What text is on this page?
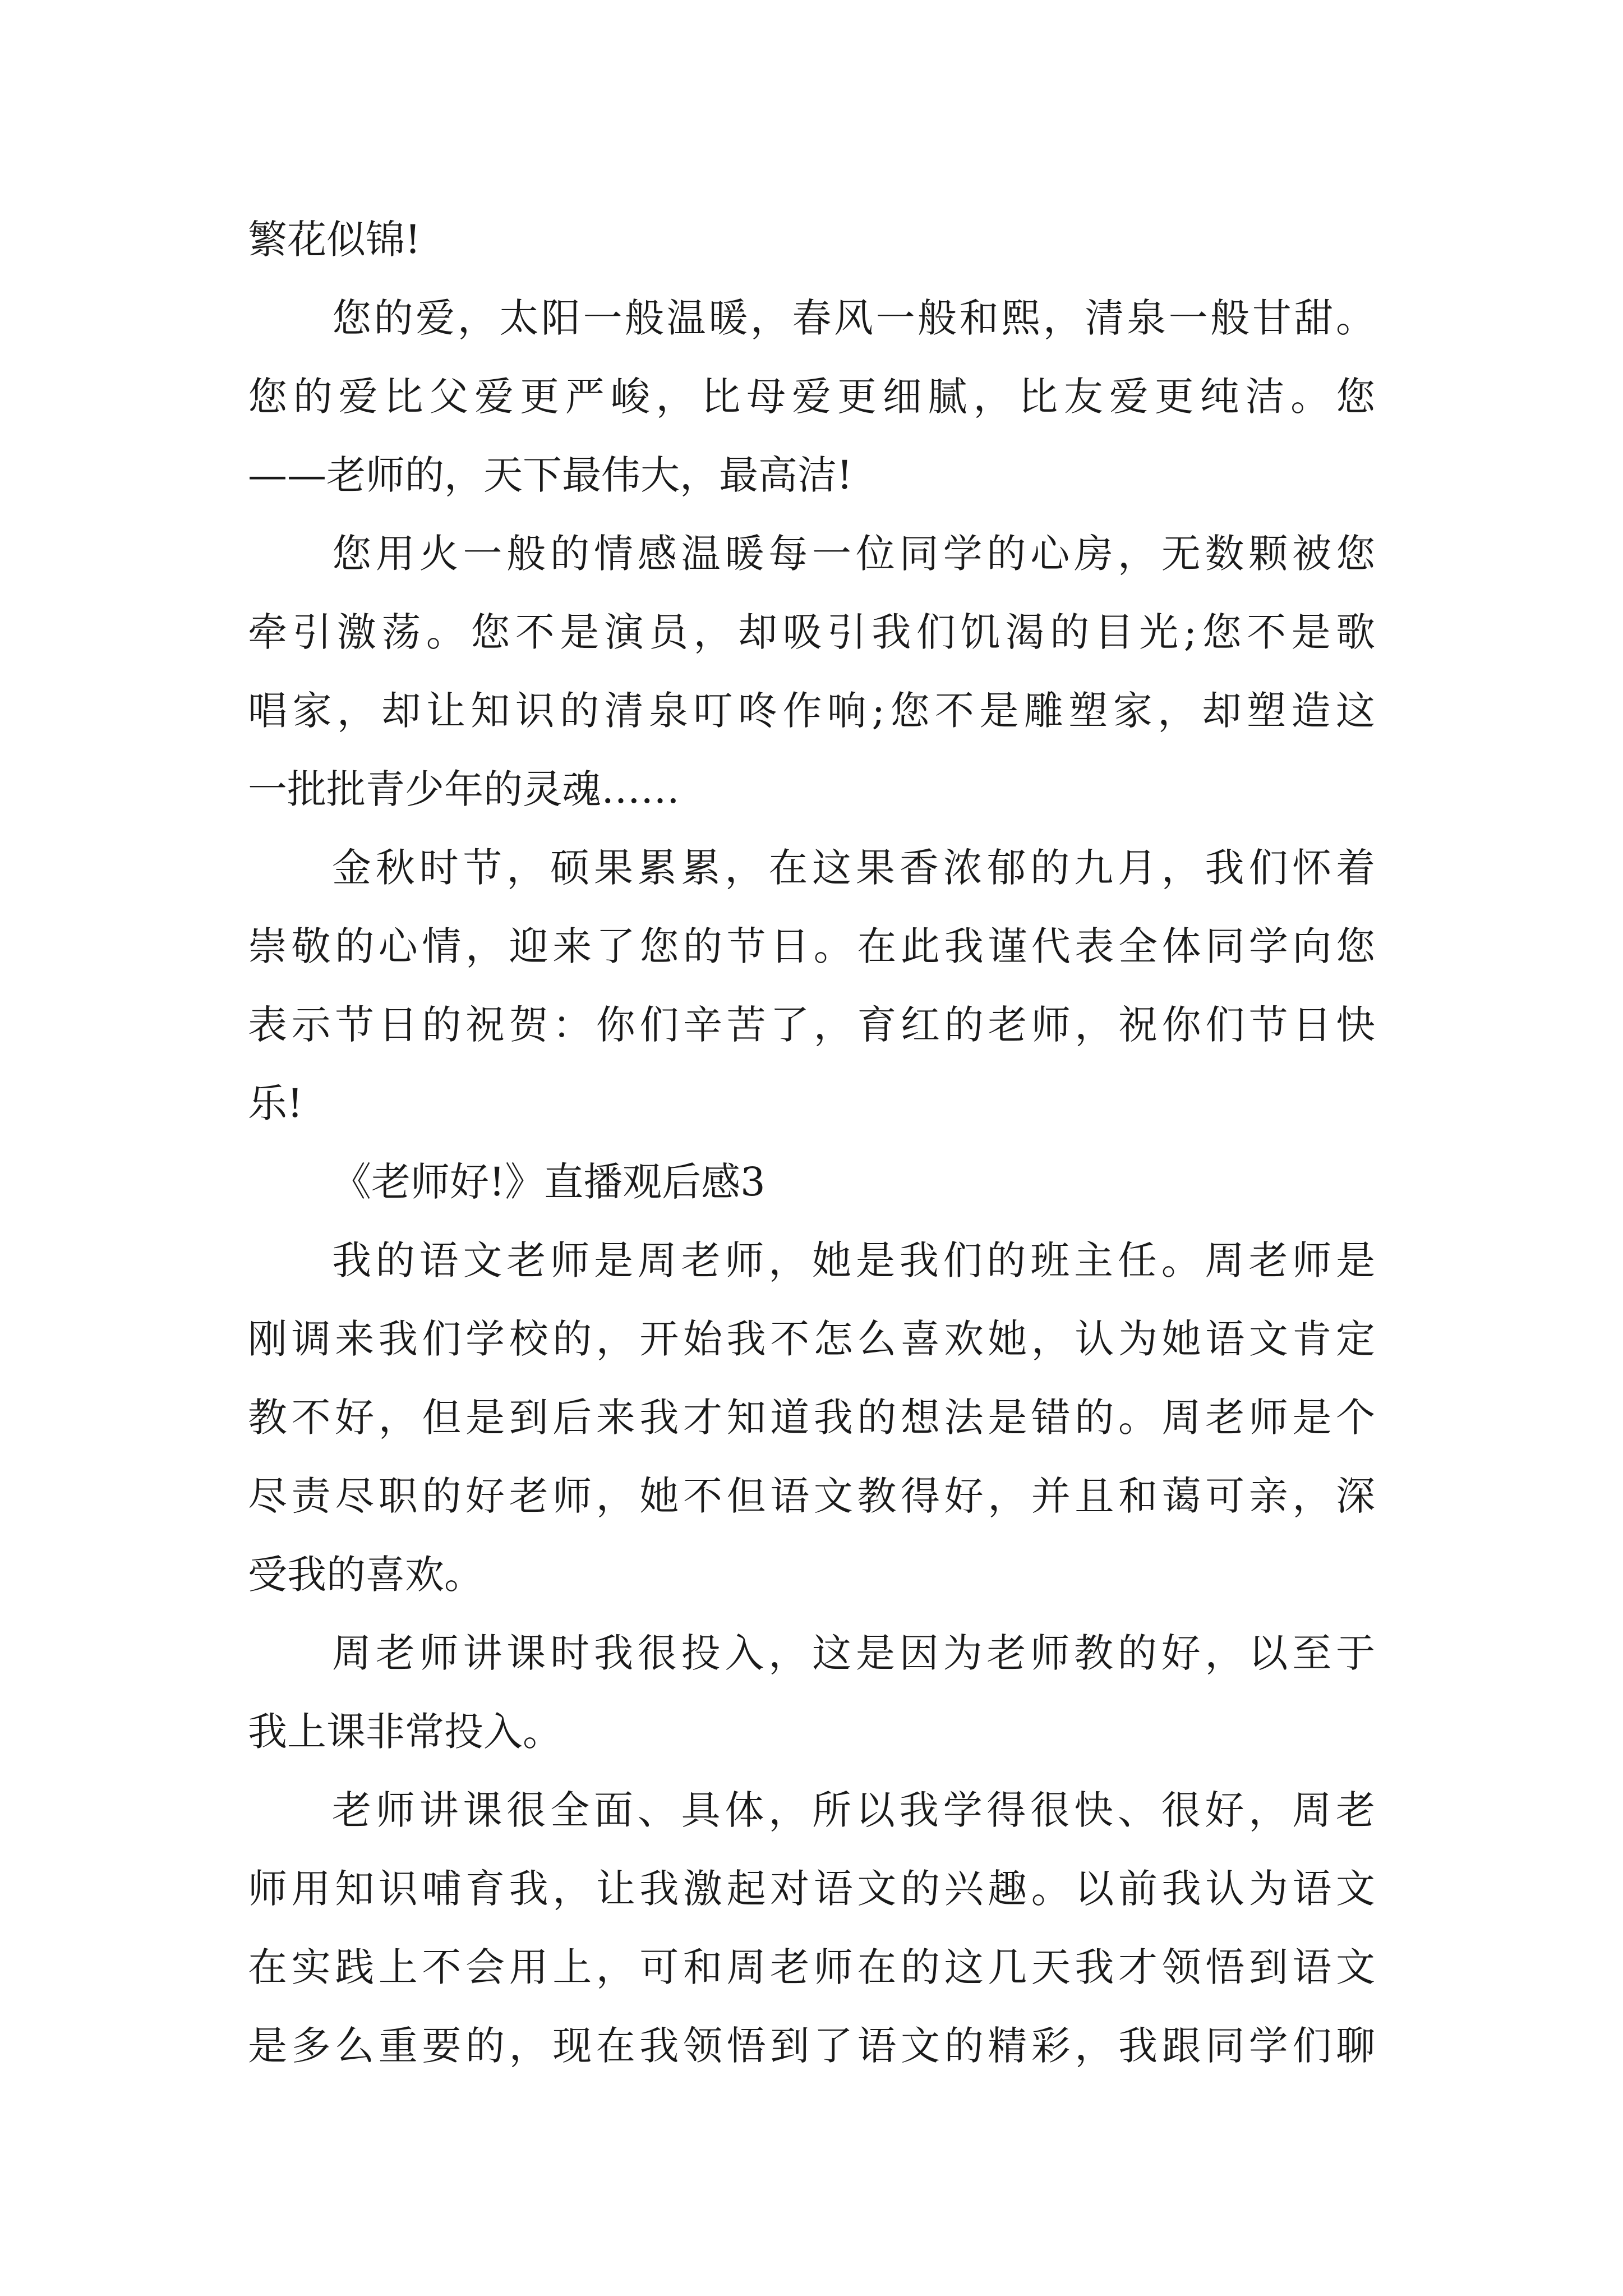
繁花似锦!

您的爱，太阳一般温暖，春风一般和熙，清泉一般甘甜。

您的爱比父爱更严峻，比母爱更细腻，比友爱更纯洁。您

——老师的，天下最伟大，最高洁!

您用火一般的情感温暖每一位同学的心房，无数颗被您

牵引激荡。您不是演员，却吸引我们饥渴的目光;您不是歌

唱家，却让知识的清泉叮咚作响;您不是雕塑家，却塑造这

一批批青少年的灵魂……

金秋时节，硕果累累，在这果香浓郁的九月，我们怀着

崇敬的心情，迎来了您的节日。在此我谨代表全体同学向您

表示节日的祝贺：你们辛苦了，育红的老师，祝你们节日快

乐!

《老师好!》直播观后感3

我的语文老师是周老师，她是我们的班主任。周老师是

刚调来我们学校的，开始我不怎么喜欢她，认为她语文肯定

教不好，但是到后来我才知道我的想法是错的。周老师是个

尽责尽职的好老师，她不但语文教得好，并且和蔼可亲，深

受我的喜欢。

周老师讲课时我很投入，这是因为老师教的好，以至于

我上课非常投入。

老师讲课很全面、具体，所以我学得很快、很好，周老

师用知识哺育我，让我激起对语文的兴趣。以前我认为语文

在实践上不会用上，可和周老师在的这几天我才领悟到语文

是多么重要的，现在我领悟到了语文的精彩，我跟同学们聊
